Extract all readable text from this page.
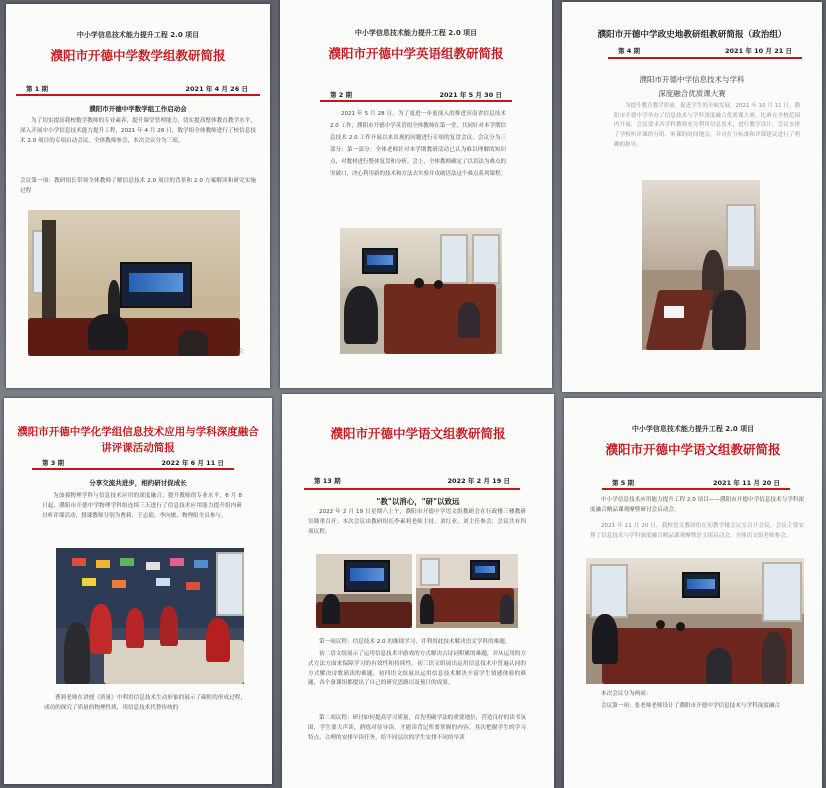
中小学信息技术能力提升工程 2.0 项目
濮阳市开德中学数学组教研简报
第 1 期	2021 年 4 月 26 日
濮阳市开德中学数学组工作启动会
为了切实提高我校数学教师的专业素养，提升课堂管理能力，切实提高整体教育教学水平，深入开展中小学信息技术能力提升工程，2021 年 4 月 26 日，数学组全体教师进行了校信息技术 2.0 项目的专项启动会议，全体教师参会，本次会议分为三项。
会议第一项：教研组长带领全体教师了解信息技术 2.0 项目的背景和 2.0 方案解读和研究实施过程
会
中小学信息技术能力提升工程 2.0 项目
濮阳市开德中学英语组教研简报
第 2 期	2021 年 5 月 30 日
2021 年 5 月 28 日，为了更进一步更深入的推进河南省信息技术 2.0 工作，濮阳市开德中学英语组全体教师在第一堂，共同针对本学期信息技术 2.0 工作开展以来出现的问题进行专项的复盘会议，会议分为三部分：第一部分：全体老师针对本学期教研活动已认为难以理解的知识点，对教材进行整体复盘和分析。会上，全体教师确定了以语法为难点的突破口，决心利用新的技术和方法去实验并攻破语法这个难点系列课程。
濮阳市开德中学政史地教研组教研简报（政治组）
第 4 期	2021 年 10 月 21 日
濮阳市开德中学信息技术与学科
深度融合优质课大赛
为提升教育教学质量，促进学生的全面发展，2021 年 10 月 11 日，濮阳市开德中学举办了信息技术与学科深度融合优质课大赛，比赛在全校范围内开展，会议要求各学科教师充分利用信息技术，进行教学设计，会议安排了学校听评课的分组、听课的时间地点，并对打分标准和评课建议进行了明确的指导。
濮阳市开德中学化学组信息技术应用与学科深度融合
讲评课活动简报
第 3 期	2022 年 6 月 11 日
分享交流共进步，相约研讨促成长
为加强物理学科与信息技术应用的深度融合，提升教师的专业水平，6 月 8 日起，濮阳市开德中学物理学科组连续三天进行了信息技术应用能力提升组内研讨听评课活动，授课教师分别为曹莉、王志娟、李向敏，物理组全员参与。
曹莉老师在讲授《质量》中利用信息技术生动形象的展示了碳粒的形成过程，成功的探究了质量的物理性质，用信息技术代替传统的
濮阳市开德中学语文组教研简报
第 13 期	2022 年 2 月 19 日
"教"以消心，"研"以致远
2022 年 2 月 19 日星期六上午，濮阳市开德中学语文组教研会在行政楼三楼教研室隆重召开。本次会议由教研组长李素莉老师主持，刘红亚、刘主任参会，会议共有四项议程。
第一项议程：信息技术 2.0 的继续学习，并利用此技术解决语文学科的难题。
初二语文组展示了运用信息技术中游戏的方式解决古诗词积累的难题，并从运用的方式方法方面来保障学习的有效性和持续性。初三语文组展出运用信息技术中普遍认同的方式解决诗歌诵读的难题，初四语文组展出运用信息技术解决丰富学生情感体验的难题，各个备课组都提出了自己的研究思路以及预计的成果。
第二项议程：研讨如何提高学习质量，首先明确学法的重要地位，营造良好的读书氛围，学生要大声读，熟练对待导读，才能读背记所要掌握的内容。其次把握学生的学习特点，合理的安排早读任务，给不同层次的学生安排不同的早读
中小学信息技术能力提升工程 2.0 项目
濮阳市开德中学语文组教研简报
第 5 期	2021 年 11 月 20 日
中小学信息技术应用能力提升工程 2.0 项目——濮阳市开德中学信息技术与学科深度融合精品课观摩暨研讨会启动会。
2021 年 11 月 20 日，我校语文教研组在初教学楼会议室召开会议，会议主要安排了信息技术与学科深度融合精品课观摩暨语文组启动会，全体语文组老师参会。
本次会议分为两项：
会议第一项：张老师老师设计了濮阳市开德中学信息技术与学科深度融合
